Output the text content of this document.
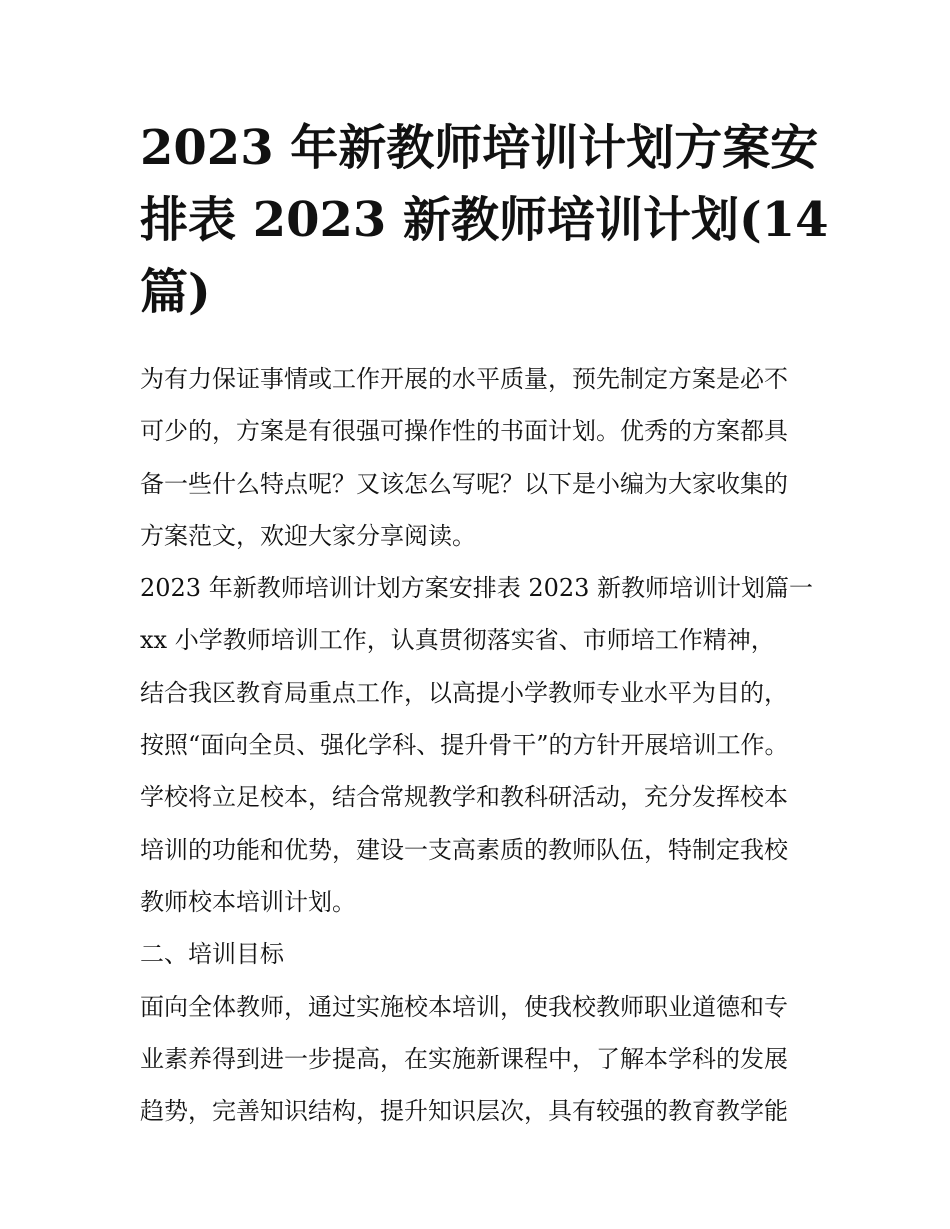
2023 年新教师培训计划方案安
排表 2023 新教师培训计划(14
篇)
为有力保证事情或工作开展的水平质量，预先制定方案是必不
可少的，方案是有很强可操作性的书面计划。优秀的方案都具
备一些什么特点呢？又该怎么写呢？以下是小编为大家收集的
方案范文，欢迎大家分享阅读。
2023 年新教师培训计划方案安排表 2023 新教师培训计划篇一
xx 小学教师培训工作，认真贯彻落实省、市师培工作精神，
结合我区教育局重点工作，以高提小学教师专业水平为目的，
按照“面向全员、强化学科、提升骨干”的方针开展培训工作。
学校将立足校本，结合常规教学和教科研活动，充分发挥校本
培训的功能和优势，建设一支高素质的教师队伍，特制定我校
教师校本培训计划。
二、培训目标
面向全体教师，通过实施校本培训，使我校教师职业道德和专
业素养得到进一步提高，在实施新课程中，了解本学科的发展
趋势，完善知识结构，提升知识层次，具有较强的教育教学能
